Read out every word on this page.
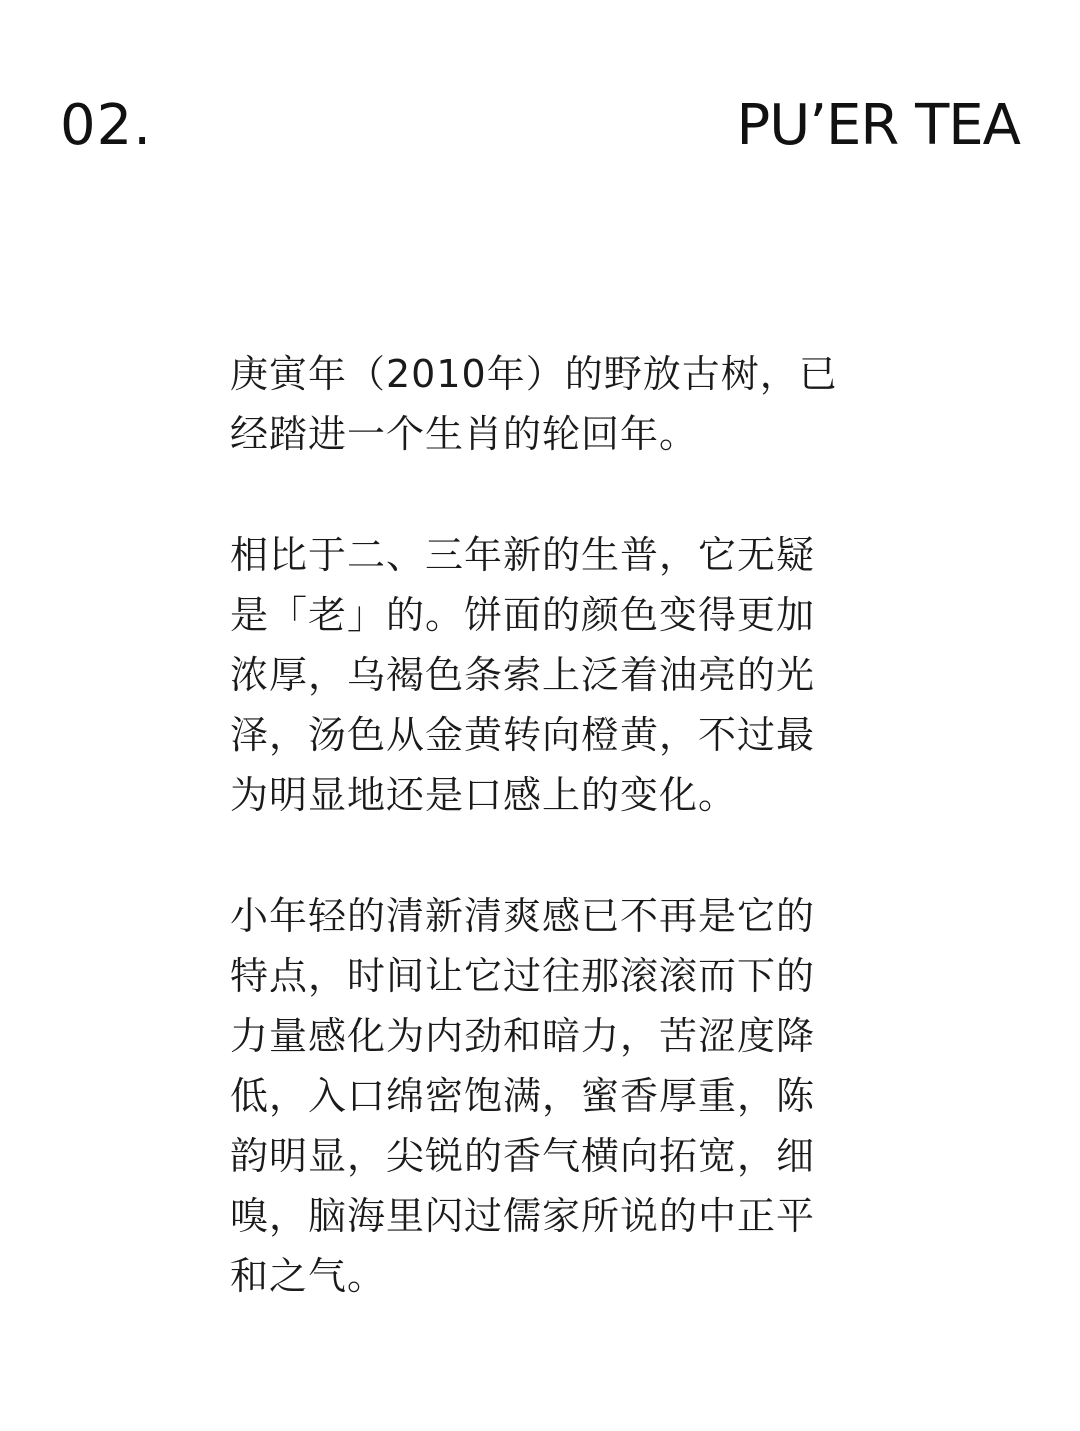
02.	PU’ER TEA
庚寅年（2010年）的野放古树，已
经踏进一个生肖的轮回年。
相比于二、三年新的生普，它无疑
是「老」的。饼面的颜色变得更加
浓厚，乌褐色条索上泛着油亮的光
泽，汤色从金黄转向橙黄，不过最
为明显地还是口感上的变化。
小年轻的清新清爽感已不再是它的
特点，时间让它过往那滚滚而下的
力量感化为内劲和暗力，苦涩度降
低，入口绵密饱满，蜜香厚重，陈
韵明显，尖锐的香气横向拓宽，细
嗅，脑海里闪过儒家所说的中正平
和之气。
